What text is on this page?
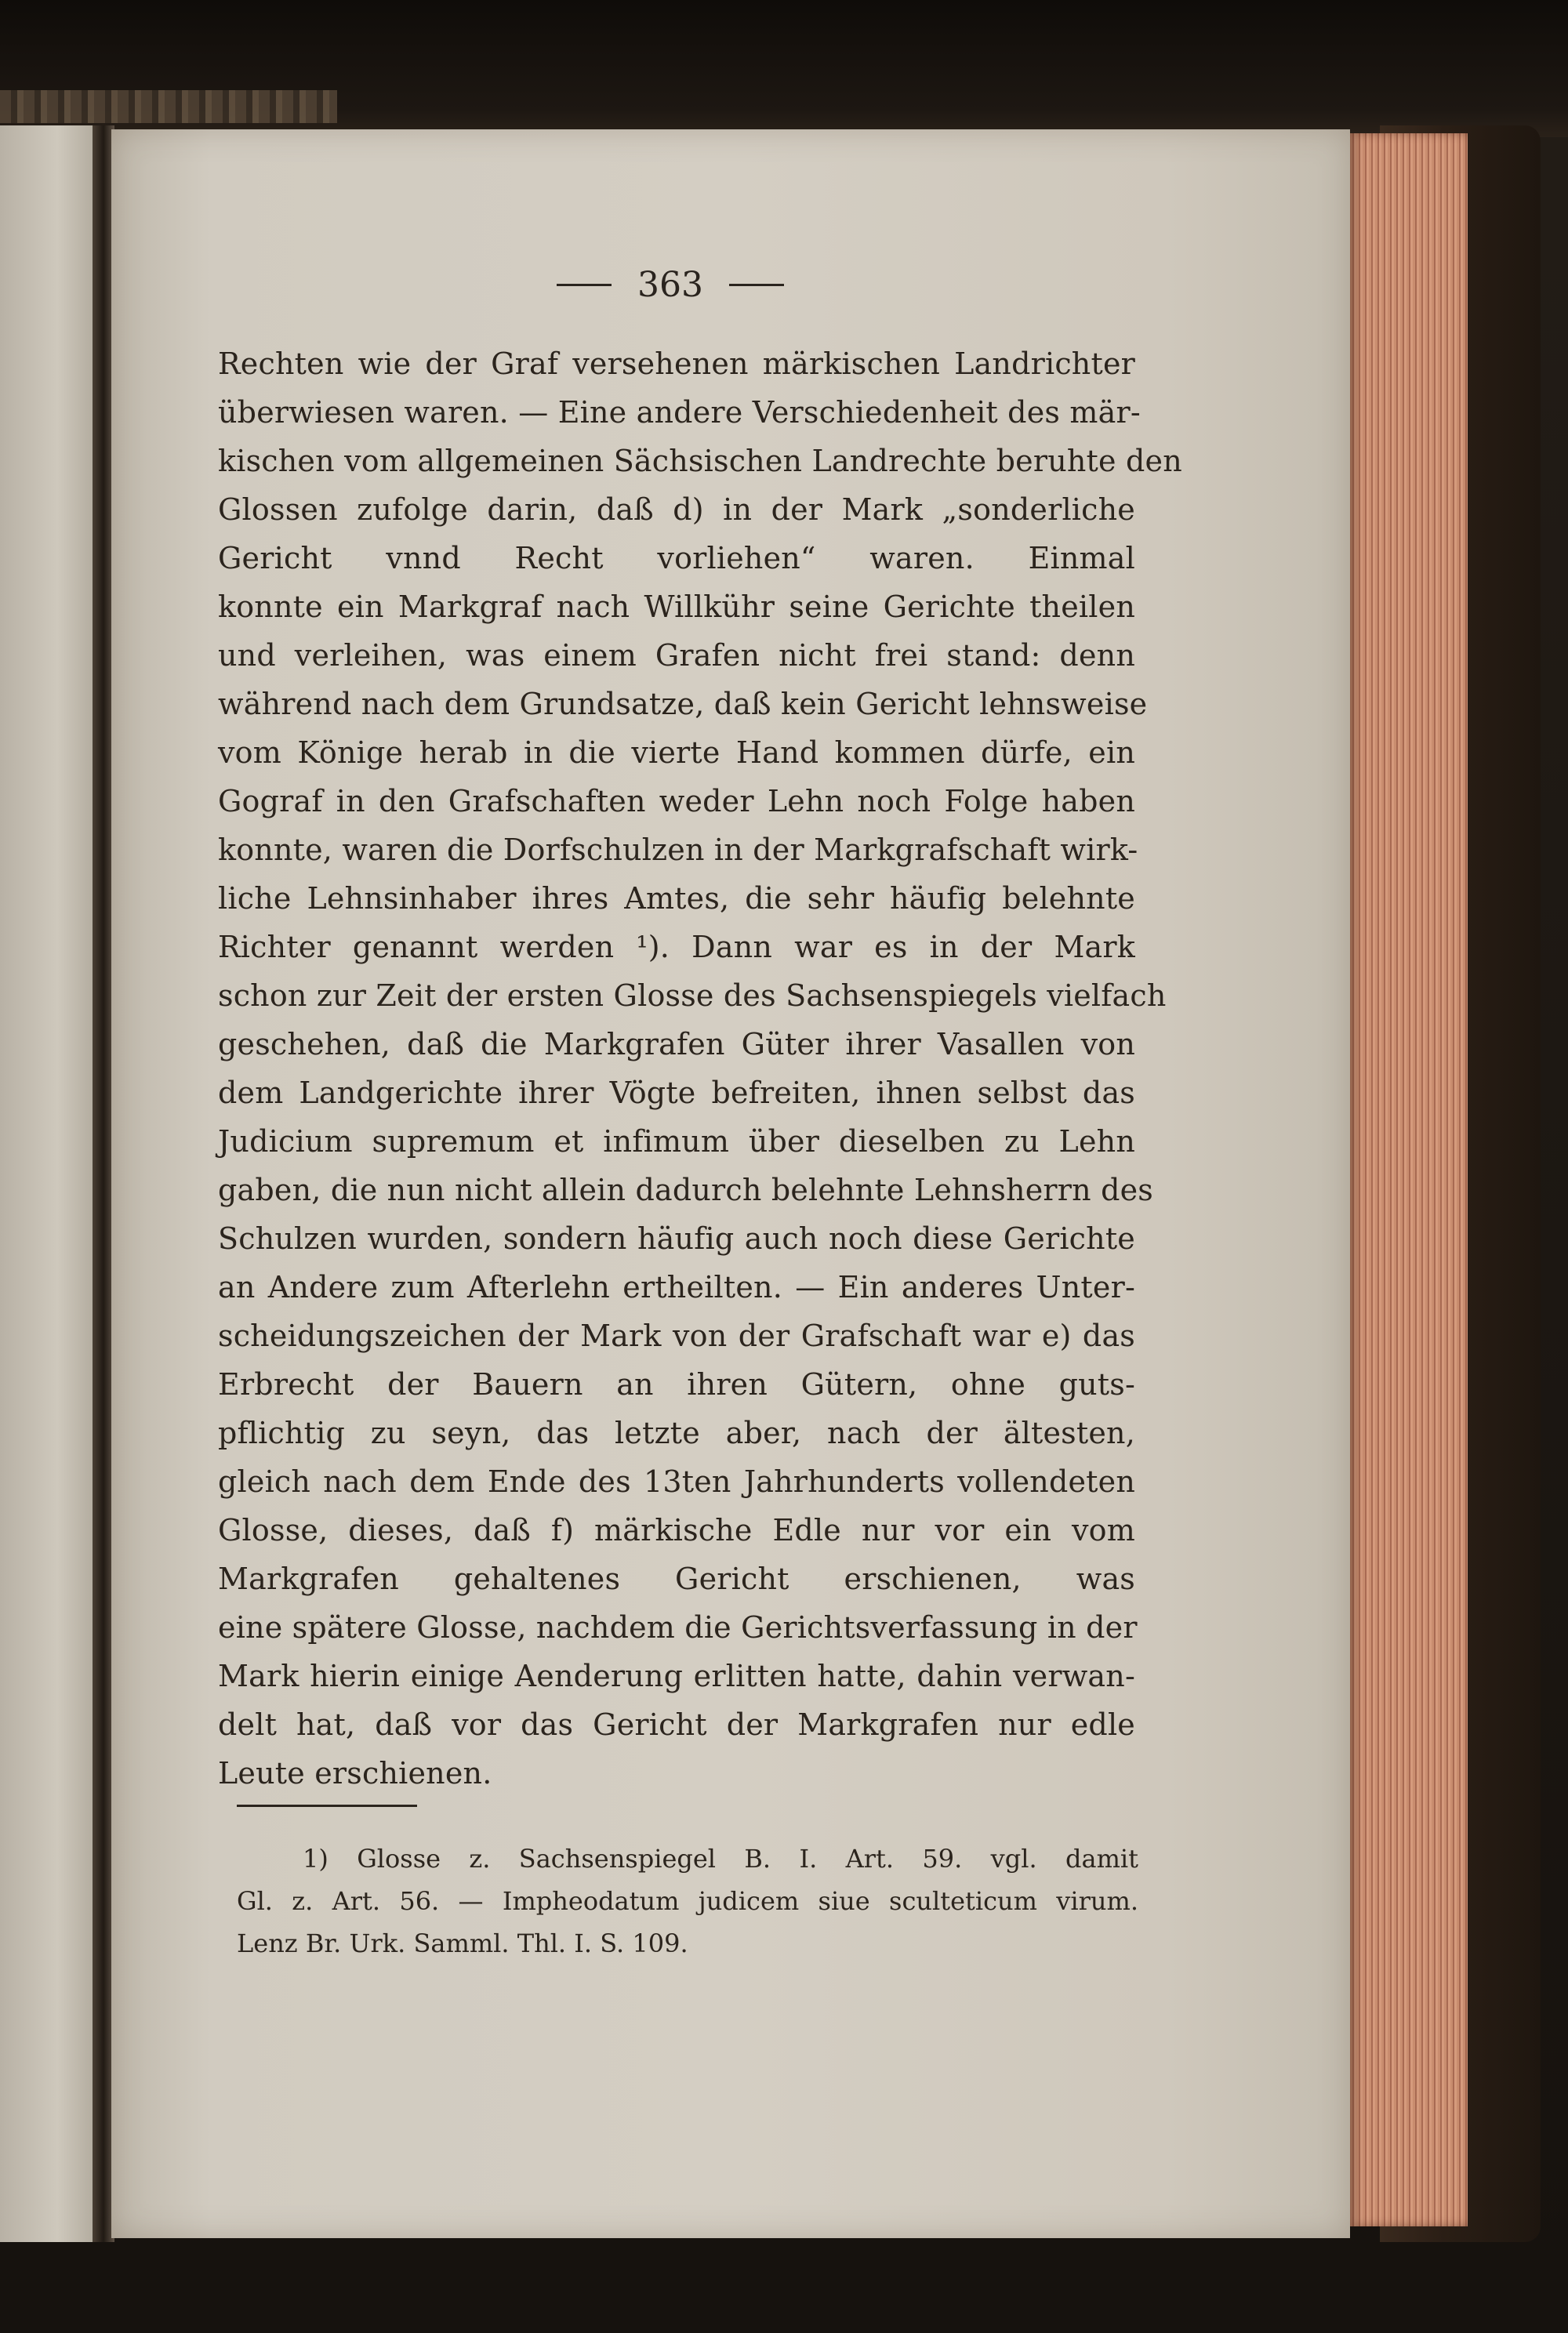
363
Rechten wie der Graf versehenen märkischen Landrichter
überwiesen waren. — Eine andere Verschiedenheit des mär-
kischen vom allgemeinen Sächsischen Landrechte beruhte den
Glossen zufolge darin, daß d) in der Mark „sonderliche
Gericht vnnd Recht vorliehen“ waren. Einmal
konnte ein Markgraf nach Willkühr seine Gerichte theilen
und verleihen, was einem Grafen nicht frei stand: denn
während nach dem Grundsatze, daß kein Gericht lehnsweise
vom Könige herab in die vierte Hand kommen dürfe, ein
Gograf in den Grafschaften weder Lehn noch Folge haben
konnte, waren die Dorfschulzen in der Markgrafschaft wirk-
liche Lehnsinhaber ihres Amtes, die sehr häufig belehnte
Richter genannt werden ¹). Dann war es in der Mark
schon zur Zeit der ersten Glosse des Sachsenspiegels vielfach
geschehen, daß die Markgrafen Güter ihrer Vasallen von
dem Landgerichte ihrer Vögte befreiten, ihnen selbst das
Judicium supremum et infimum über dieselben zu Lehn
gaben, die nun nicht allein dadurch belehnte Lehnsherrn des
Schulzen wurden, sondern häufig auch noch diese Gerichte
an Andere zum Afterlehn ertheilten. — Ein anderes Unter-
scheidungszeichen der Mark von der Grafschaft war e) das
Erbrecht der Bauern an ihren Gütern, ohne guts-
pflichtig zu seyn, das letzte aber, nach der ältesten,
gleich nach dem Ende des 13ten Jahrhunderts vollendeten
Glosse, dieses, daß f) märkische Edle nur vor ein vom
Markgrafen gehaltenes Gericht erschienen, was
eine spätere Glosse, nachdem die Gerichtsverfassung in der
Mark hierin einige Aenderung erlitten hatte, dahin verwan-
delt hat, daß vor das Gericht der Markgrafen nur edle
Leute erschienen.
1) Glosse z. Sachsenspiegel B. I. Art. 59. vgl. damit
Gl. z. Art. 56. — Impheodatum judicem siue sculteticum virum.
Lenz Br. Urk. Samml. Thl. I. S. 109.
